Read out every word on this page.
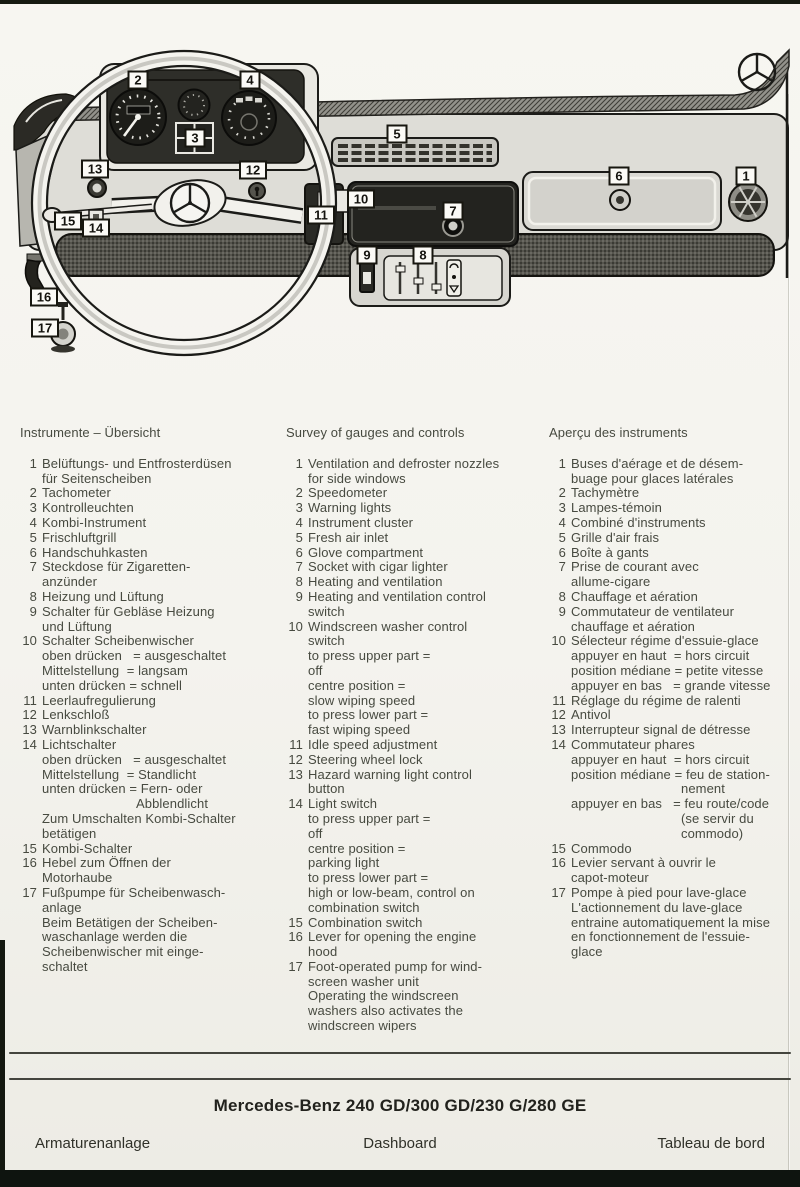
1
2
3
4
5
6
7
8
9
10
11
12
13
14
15
16
17
Instrumente – Übersicht
1 Belüftungs- und Entfrosterdüsen
für Seitenscheiben
2 Tachometer
3 Kontrolleuchten
4 Kombi-Instrument
5 Frischluftgrill
6 Handschuhkasten
7 Steckdose für Zigaretten-
anzünder
8 Heizung und Lüftung
9 Schalter für Gebläse Heizung
und Lüftung
10 Schalter Scheibenwischer
oben drücken   = ausgeschaltet
Mittelstellung  = langsam
unten drücken = schnell
11 Leerlaufregulierung
12 Lenkschloß
13 Warnblinkschalter
14 Lichtschalter
oben drücken   = ausgeschaltet
Mittelstellung  = Standlicht
unten drücken = Fern- oder
Abblendlicht
Zum Umschalten Kombi-Schalter
betätigen
15 Kombi-Schalter
16 Hebel zum Öffnen der
Motorhaube
17 Fußpumpe für Scheibenwasch-
anlage
Beim Betätigen der Scheiben-
waschanlage werden die
Scheibenwischer mit einge-
schaltet
Survey of gauges and controls
1 Ventilation and defroster nozzles
for side windows
2 Speedometer
3 Warning lights
4 Instrument cluster
5 Fresh air inlet
6 Glove compartment
7 Socket with cigar lighter
8 Heating and ventilation
9 Heating and ventilation control
switch
10 Windscreen washer control
switch
to press upper part =
off
centre position =
slow wiping speed
to press lower part =
fast wiping speed
11 Idle speed adjustment
12 Steering wheel lock
13 Hazard warning light control
button
14 Light switch
to press upper part =
off
centre position =
parking light
to press lower part =
high or low-beam, control on
combination switch
15 Combination switch
16 Lever for opening the engine
hood
17 Foot-operated pump for wind-
screen washer unit
Operating the windscreen
washers also activates the
windscreen wipers
Aperçu des instruments
1 Buses d'aérage et de désem-
buage pour glaces latérales
2 Tachymètre
3 Lampes-témoin
4 Combiné d'instruments
5 Grille d'air frais
6 Boîte à gants
7 Prise de courant avec
allume-cigare
8 Chauffage et aération
9 Commutateur de ventilateur
chauffage et aération
10 Sélecteur régime d'essuie-glace
appuyer en haut  = hors circuit
position médiane = petite vitesse
appuyer en bas   = grande vitesse
11 Réglage du régime de ralenti
12 Antivol
13 Interrupteur signal de détresse
14 Commutateur phares
appuyer en haut  = hors circuit
position médiane = feu de station-
nement
appuyer en bas   = feu route/code
(se servir du
commodo)
15 Commodo
16 Levier servant à ouvrir le
capot-moteur
17 Pompe à pied pour lave-glace
L'actionnement du lave-glace
entraine automatiquement la mise
en fonctionnement de l'essuie-
glace
Mercedes-Benz 240 GD/300 GD/230 G/280 GE
Armaturenanlage	Dashboard	Tableau de bord
